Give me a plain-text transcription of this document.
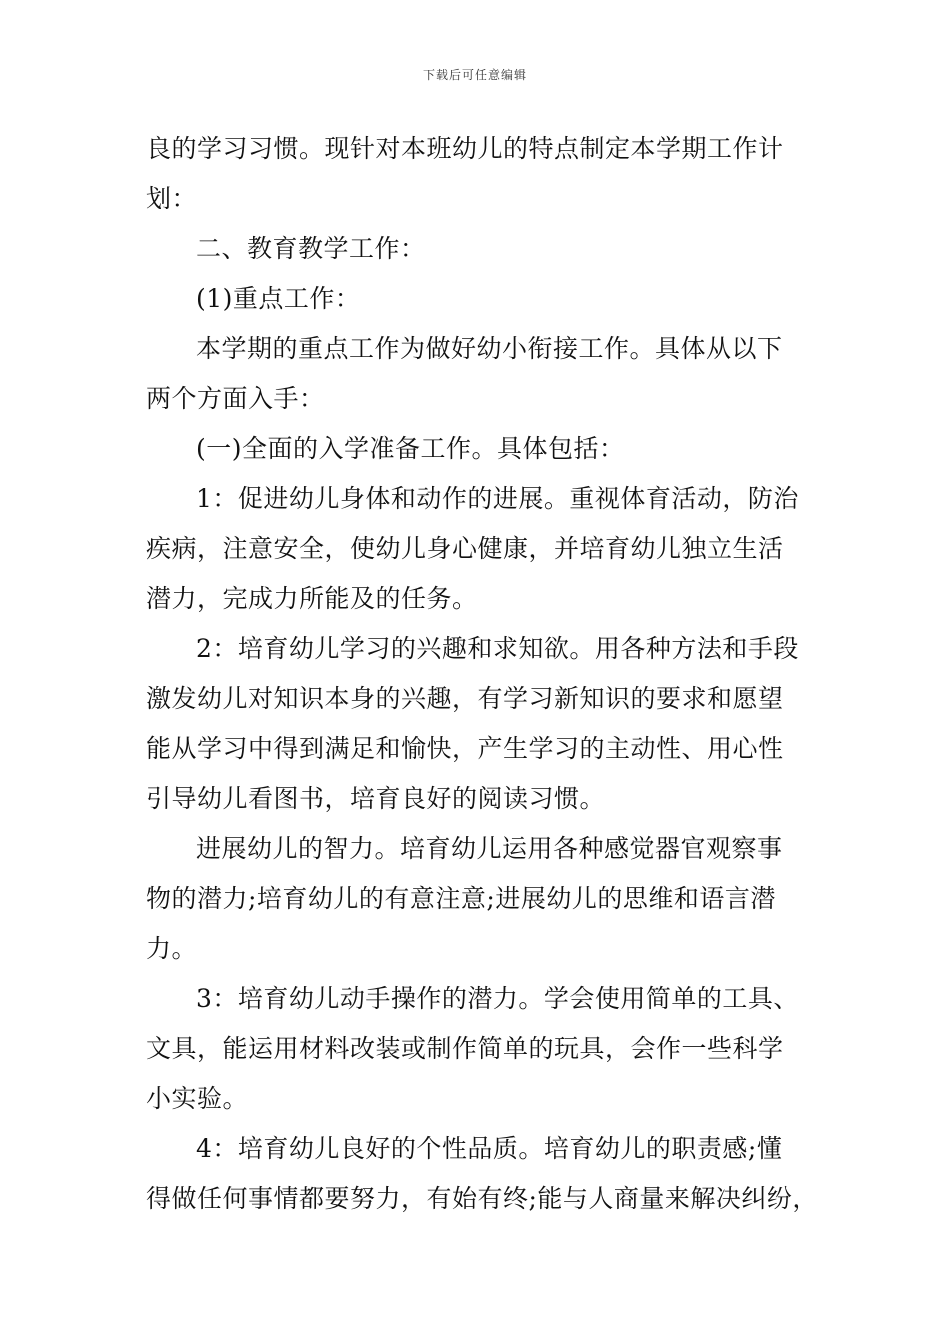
下载后可任意编辑
良的学习习惯。现针对本班幼儿的特点制定本学期工作计
划：
二、教育教学工作：
(1)重点工作：
本学期的重点工作为做好幼小衔接工作。具体从以下
两个方面入手：
(一)全面的入学准备工作。具体包括：
1：促进幼儿身体和动作的进展。重视体育活动，防治
疾病，注意安全，使幼儿身心健康，并培育幼儿独立生活
潜力，完成力所能及的任务。
2：培育幼儿学习的兴趣和求知欲。用各种方法和手段
激发幼儿对知识本身的兴趣，有学习新知识的要求和愿望
能从学习中得到满足和愉快，产生学习的主动性、用心性
引导幼儿看图书，培育良好的阅读习惯。
进展幼儿的智力。培育幼儿运用各种感觉器官观察事
物的潜力;培育幼儿的有意注意;进展幼儿的思维和语言潜
力。
3：培育幼儿动手操作的潜力。学会使用简单的工具、
文具，能运用材料改装或制作简单的玩具，会作一些科学
小实验。
4：培育幼儿良好的个性品质。培育幼儿的职责感;懂
得做任何事情都要努力，有始有终;能与人商量来解决纠纷，
